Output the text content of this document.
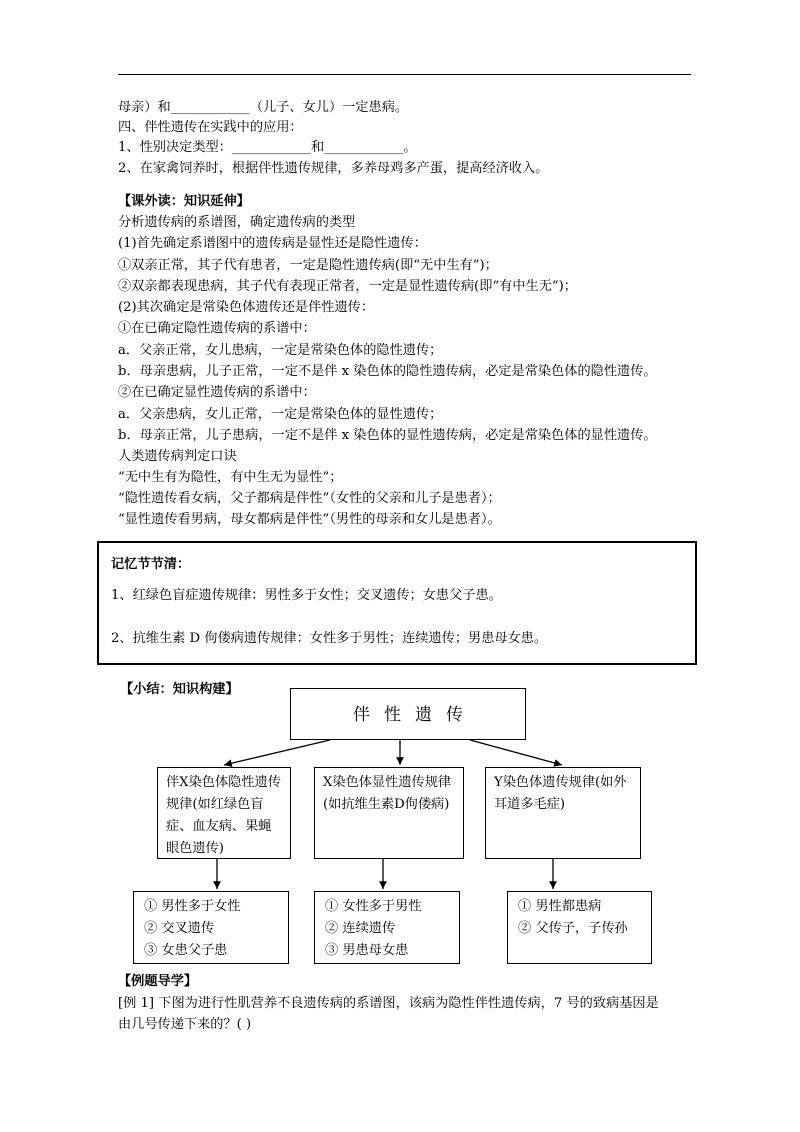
母亲）和____________（儿子、女儿）一定患病。
四、伴性遗传在实践中的应用：
1、性别决定类型：____________和____________。
2、在家禽饲养时，根据伴性遗传规律，多养母鸡多产蛋，提高经济收入。
【课外读：知识延伸】
分析遗传病的系谱图，确定遗传病的类型
(1)首先确定系谱图中的遗传病是显性还是隐性遗传：
①双亲正常，其子代有患者，一定是隐性遗传病(即“无中生有”)；
②双亲都表现患病，其子代有表现正常者，一定是显性遗传病(即“有中生无”)；
(2)其次确定是常染色体遗传还是伴性遗传：
①在已确定隐性遗传病的系谱中：
a．父亲正常，女儿患病，一定是常染色体的隐性遗传；
b．母亲患病，儿子正常，一定不是伴 x 染色体的隐性遗传病，必定是常染色体的隐性遗传。
②在已确定显性遗传病的系谱中：
a．父亲患病，女儿正常，一定是常染色体的显性遗传；
b．母亲正常，儿子患病，一定不是伴 x 染色体的显性遗传病，必定是常染色体的显性遗传。
人类遗传病判定口诀
“无中生有为隐性，有中生无为显性”；
“隐性遗传看女病，父子都病是伴性”（女性的父亲和儿子是患者）；
“显性遗传看男病，母女都病是伴性”（男性的母亲和女儿是患者）。
记忆节节清：
1、红绿色盲症遗传规律：男性多于女性；交叉遗传；女患父子患。
2、抗维生素 D 佝偻病遗传规律：女性多于男性；连续遗传；男患母女患。
【小结：知识构建】
伴性遗传
伴X染色体隐性遗传规律(如红绿色盲症、血友病、果蝇眼色遗传)
X染色体显性遗传规律(如抗维生素D佝偻病)
Y染色体遗传规律(如外耳道多毛症)
① 男性多于女性
② 交叉遗传
③ 女患父子患
① 女性多于男性
② 连续遗传
③ 男患母女患
① 男性都患病
② 父传子，子传孙
【例题导学】
[例 1] 下图为进行性肌营养不良遗传病的系谱图，该病为隐性伴性遗传病，7 号的致病基因是
由几号传递下来的？( )
